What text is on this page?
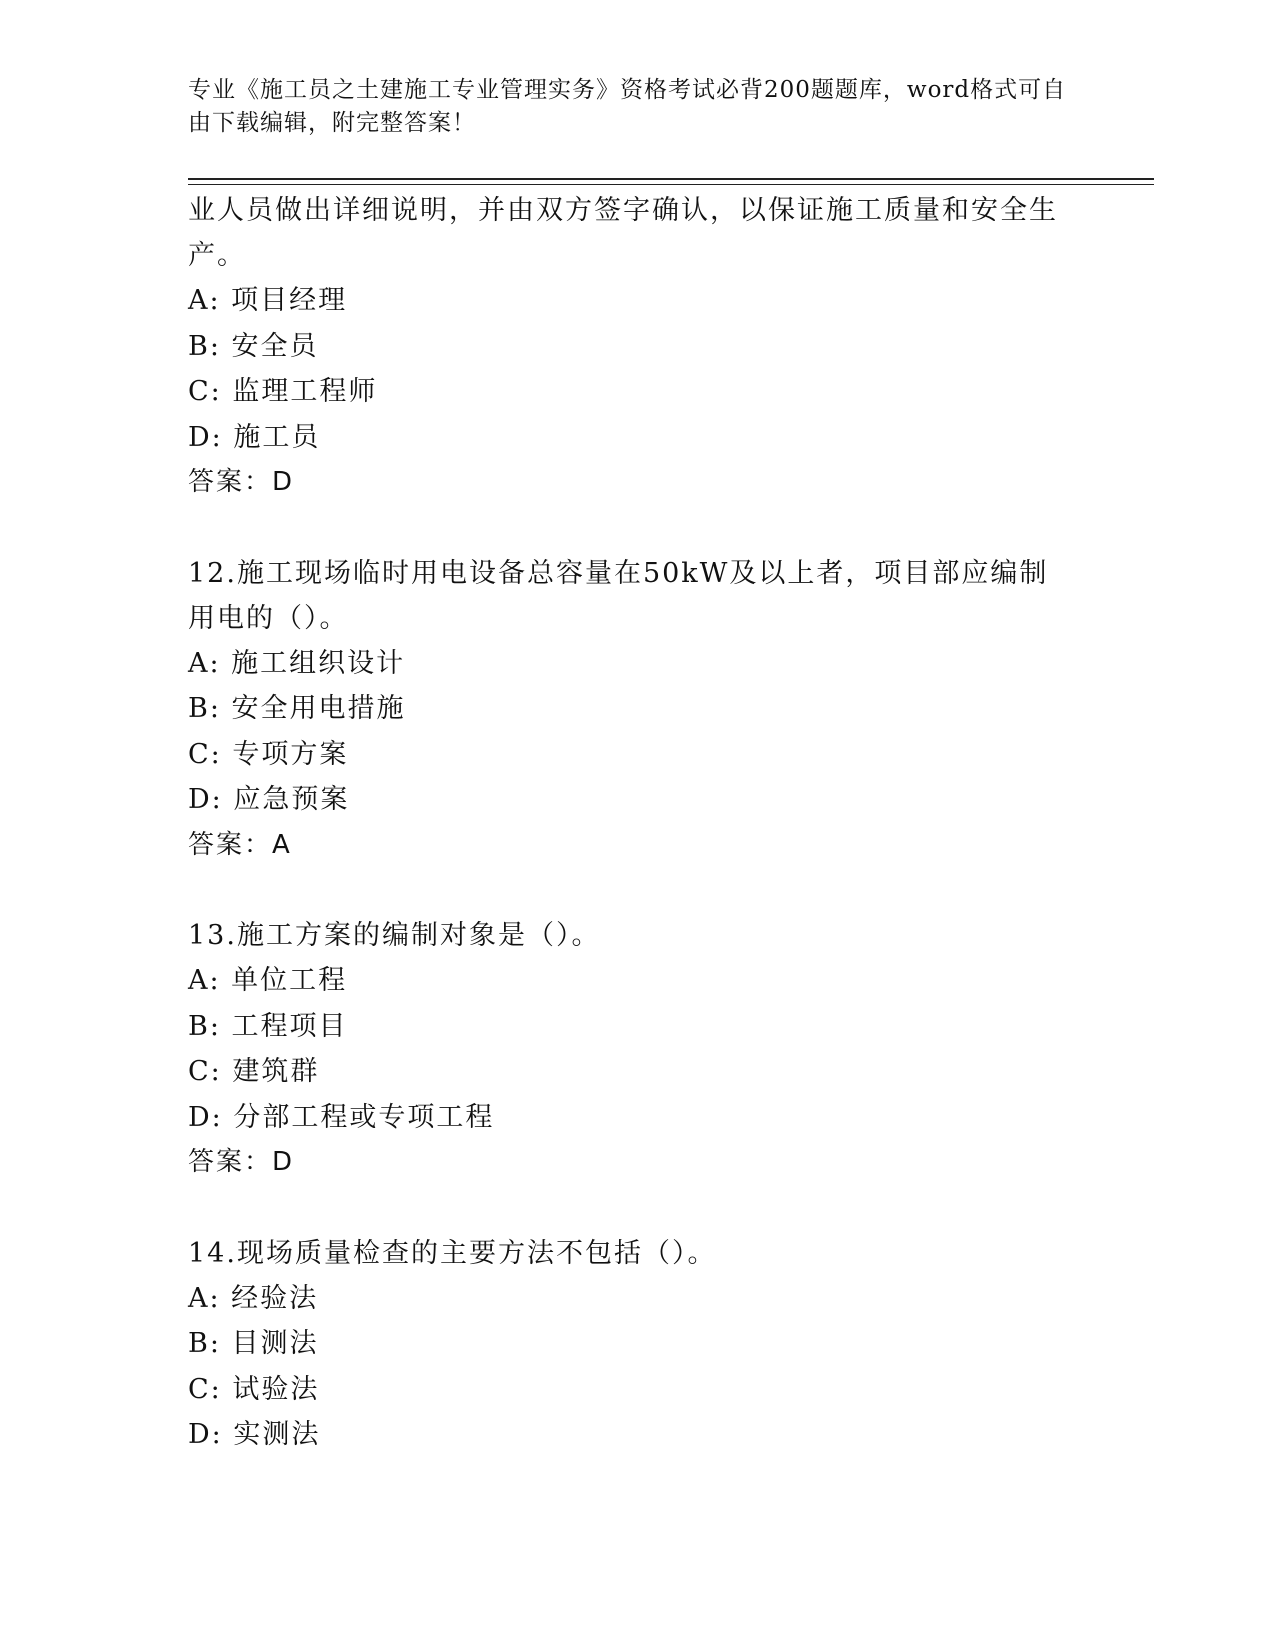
专业《施工员之土建施工专业管理实务》资格考试必背200题题库，word格式可自由下载编辑，附完整答案！

业人员做出详细说明，并由双方签字确认，以保证施工质量和安全生产。

A: 项目经理

B: 安全员

C: 监理工程师

D: 施工员

答案：D

12.施工现场临时用电设备总容量在50kW及以上者，项目部应编制用电的（）。

A: 施工组织设计

B: 安全用电措施

C: 专项方案

D: 应急预案

答案：A

13.施工方案的编制对象是（）。

A: 单位工程

B: 工程项目

C: 建筑群

D: 分部工程或专项工程

答案：D

14.现场质量检查的主要方法不包括（）。

A: 经验法

B: 目测法

C: 试验法

D: 实测法
